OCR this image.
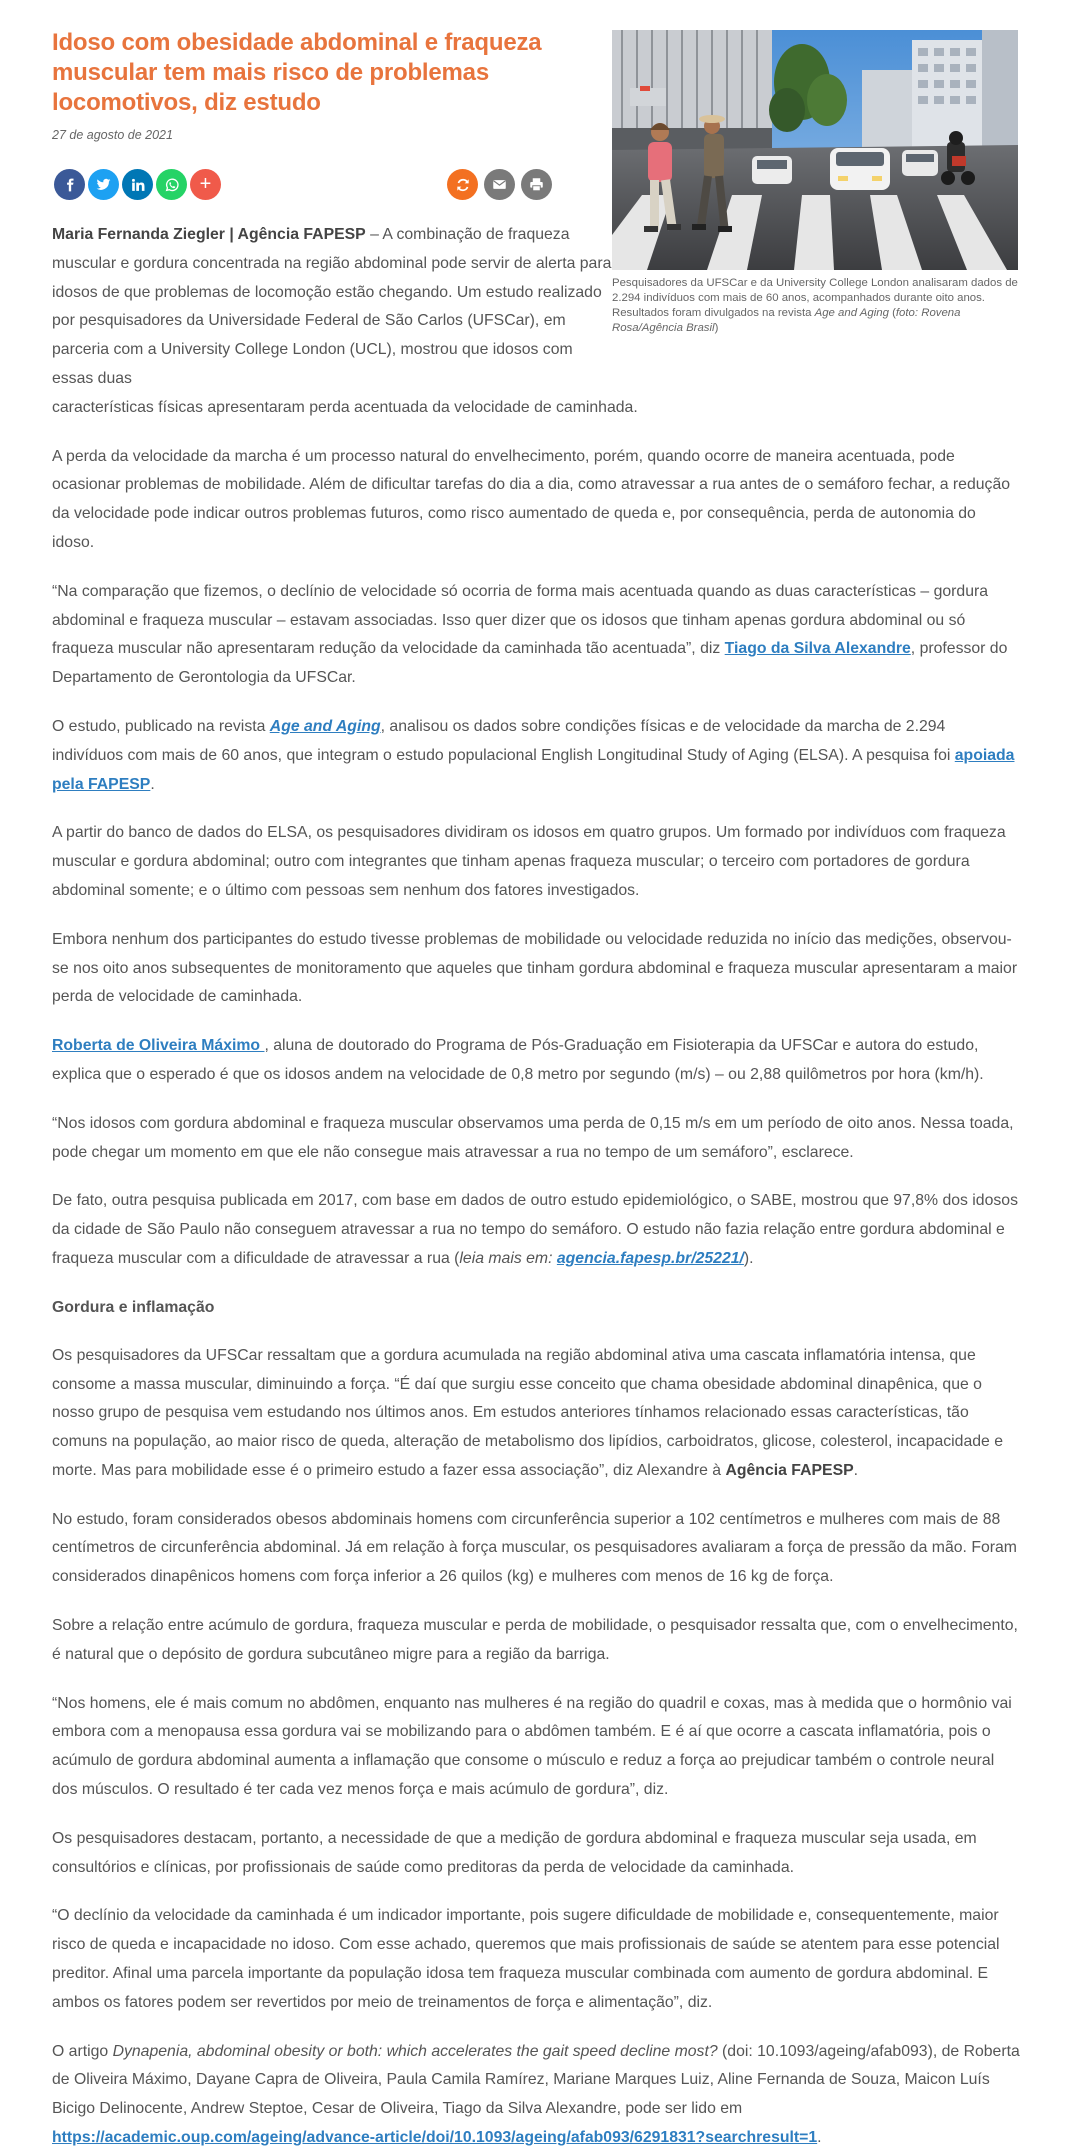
Idoso com obesidade abdominal e fraqueza muscular tem mais risco de problemas locomotivos, diz estudo
27 de agosto de 2021
+
Pesquisadores da UFSCar e da University College London analisaram dados de 2.294 indivíduos com mais de 60 anos, acompanhados durante oito anos. Resultados foram divulgados na revista Age and Aging (foto: Rovena Rosa/Agência Brasil)

Maria Fernanda Ziegler | Agência FAPESP – A combinação de fraqueza muscular e gordura concentrada na região abdominal pode servir de alerta para idosos de que problemas de locomoção estão chegando. Um estudo realizado por pesquisadores da Universidade Federal de São Carlos (UFSCar), em parceria com a University College London (UCL), mostrou que idosos com essas duas

características físicas apresentaram perda acentuada da velocidade de caminhada.

A perda da velocidade da marcha é um processo natural do envelhecimento, porém, quando ocorre de maneira acentuada, pode ocasionar problemas de mobilidade. Além de dificultar tarefas do dia a dia, como atravessar a rua antes de o semáforo fechar, a redução da velocidade pode indicar outros problemas futuros, como risco aumentado de queda e, por consequência, perda de autonomia do idoso.

“Na comparação que fizemos, o declínio de velocidade só ocorria de forma mais acentuada quando as duas características – gordura abdominal e fraqueza muscular – estavam associadas. Isso quer dizer que os idosos que tinham apenas gordura abdominal ou só fraqueza muscular não apresentaram redução da velocidade da caminhada tão acentuada”, diz Tiago da Silva Alexandre, professor do Departamento de Gerontologia da UFSCar.

O estudo, publicado na revista Age and Aging, analisou os dados sobre condições físicas e de velocidade da marcha de 2.294 indivíduos com mais de 60 anos, que integram o estudo populacional English Longitudinal Study of Aging (ELSA). A pesquisa foi apoiada pela FAPESP.

A partir do banco de dados do ELSA, os pesquisadores dividiram os idosos em quatro grupos. Um formado por indivíduos com fraqueza muscular e gordura abdominal; outro com integrantes que tinham apenas fraqueza muscular; o terceiro com portadores de gordura abdominal somente; e o último com pessoas sem nenhum dos fatores investigados.

Embora nenhum dos participantes do estudo tivesse problemas de mobilidade ou velocidade reduzida no início das medições, observou-se nos oito anos subsequentes de monitoramento que aqueles que tinham gordura abdominal e fraqueza muscular apresentaram a maior perda de velocidade de caminhada.

Roberta de Oliveira Máximo , aluna de doutorado do Programa de Pós-Graduação em Fisioterapia da UFSCar e autora do estudo, explica que o esperado é que os idosos andem na velocidade de 0,8 metro por segundo (m/s) – ou 2,88 quilômetros por hora (km/h).

“Nos idosos com gordura abdominal e fraqueza muscular observamos uma perda de 0,15 m/s em um período de oito anos. Nessa toada, pode chegar um momento em que ele não consegue mais atravessar a rua no tempo de um semáforo”, esclarece.

De fato, outra pesquisa publicada em 2017, com base em dados de outro estudo epidemiológico, o SABE, mostrou que 97,8% dos idosos da cidade de São Paulo não conseguem atravessar a rua no tempo do semáforo. O estudo não fazia relação entre gordura abdominal e fraqueza muscular com a dificuldade de atravessar a rua (leia mais em: agencia.fapesp.br/25221/).

Gordura e inflamação

Os pesquisadores da UFSCar ressaltam que a gordura acumulada na região abdominal ativa uma cascata inflamatória intensa, que consome a massa muscular, diminuindo a força. “É daí que surgiu esse conceito que chama obesidade abdominal dinapênica, que o nosso grupo de pesquisa vem estudando nos últimos anos. Em estudos anteriores tínhamos relacionado essas características, tão comuns na população, ao maior risco de queda, alteração de metabolismo dos lipídios, carboidratos, glicose, colesterol, incapacidade e morte. Mas para mobilidade esse é o primeiro estudo a fazer essa associação”, diz Alexandre à Agência FAPESP.

No estudo, foram considerados obesos abdominais homens com circunferência superior a 102 centímetros e mulheres com mais de 88 centímetros de circunferência abdominal. Já em relação à força muscular, os pesquisadores avaliaram a força de pressão da mão. Foram considerados dinapênicos homens com força inferior a 26 quilos (kg) e mulheres com menos de 16 kg de força.

Sobre a relação entre acúmulo de gordura, fraqueza muscular e perda de mobilidade, o pesquisador ressalta que, com o envelhecimento, é natural que o depósito de gordura subcutâneo migre para a região da barriga.

“Nos homens, ele é mais comum no abdômen, enquanto nas mulheres é na região do quadril e coxas, mas à medida que o hormônio vai embora com a menopausa essa gordura vai se mobilizando para o abdômen também. E é aí que ocorre a cascata inflamatória, pois o acúmulo de gordura abdominal aumenta a inflamação que consome o músculo e reduz a força ao prejudicar também o controle neural dos músculos. O resultado é ter cada vez menos força e mais acúmulo de gordura”, diz.

Os pesquisadores destacam, portanto, a necessidade de que a medição de gordura abdominal e fraqueza muscular seja usada, em consultórios e clínicas, por profissionais de saúde como preditoras da perda de velocidade da caminhada.

“O declínio da velocidade da caminhada é um indicador importante, pois sugere dificuldade de mobilidade e, consequentemente, maior risco de queda e incapacidade no idoso. Com esse achado, queremos que mais profissionais de saúde se atentem para esse potencial preditor. Afinal uma parcela importante da população idosa tem fraqueza muscular combinada com aumento de gordura abdominal. E ambos os fatores podem ser revertidos por meio de treinamentos de força e alimentação”, diz.

O artigo Dynapenia, abdominal obesity or both: which accelerates the gait speed decline most? (doi: 10.1093/ageing/afab093), de Roberta de Oliveira Máximo, Dayane Capra de Oliveira, Paula Camila Ramírez, Mariane Marques Luiz, Aline Fernanda de Souza, Maicon Luís Bicigo Delinocente, Andrew Steptoe, Cesar de Oliveira, Tiago da Silva Alexandre, pode ser lido em https://academic.oup.com/ageing/advance-article/doi/10.1093/ageing/afab093/6291831?searchresult=1.
